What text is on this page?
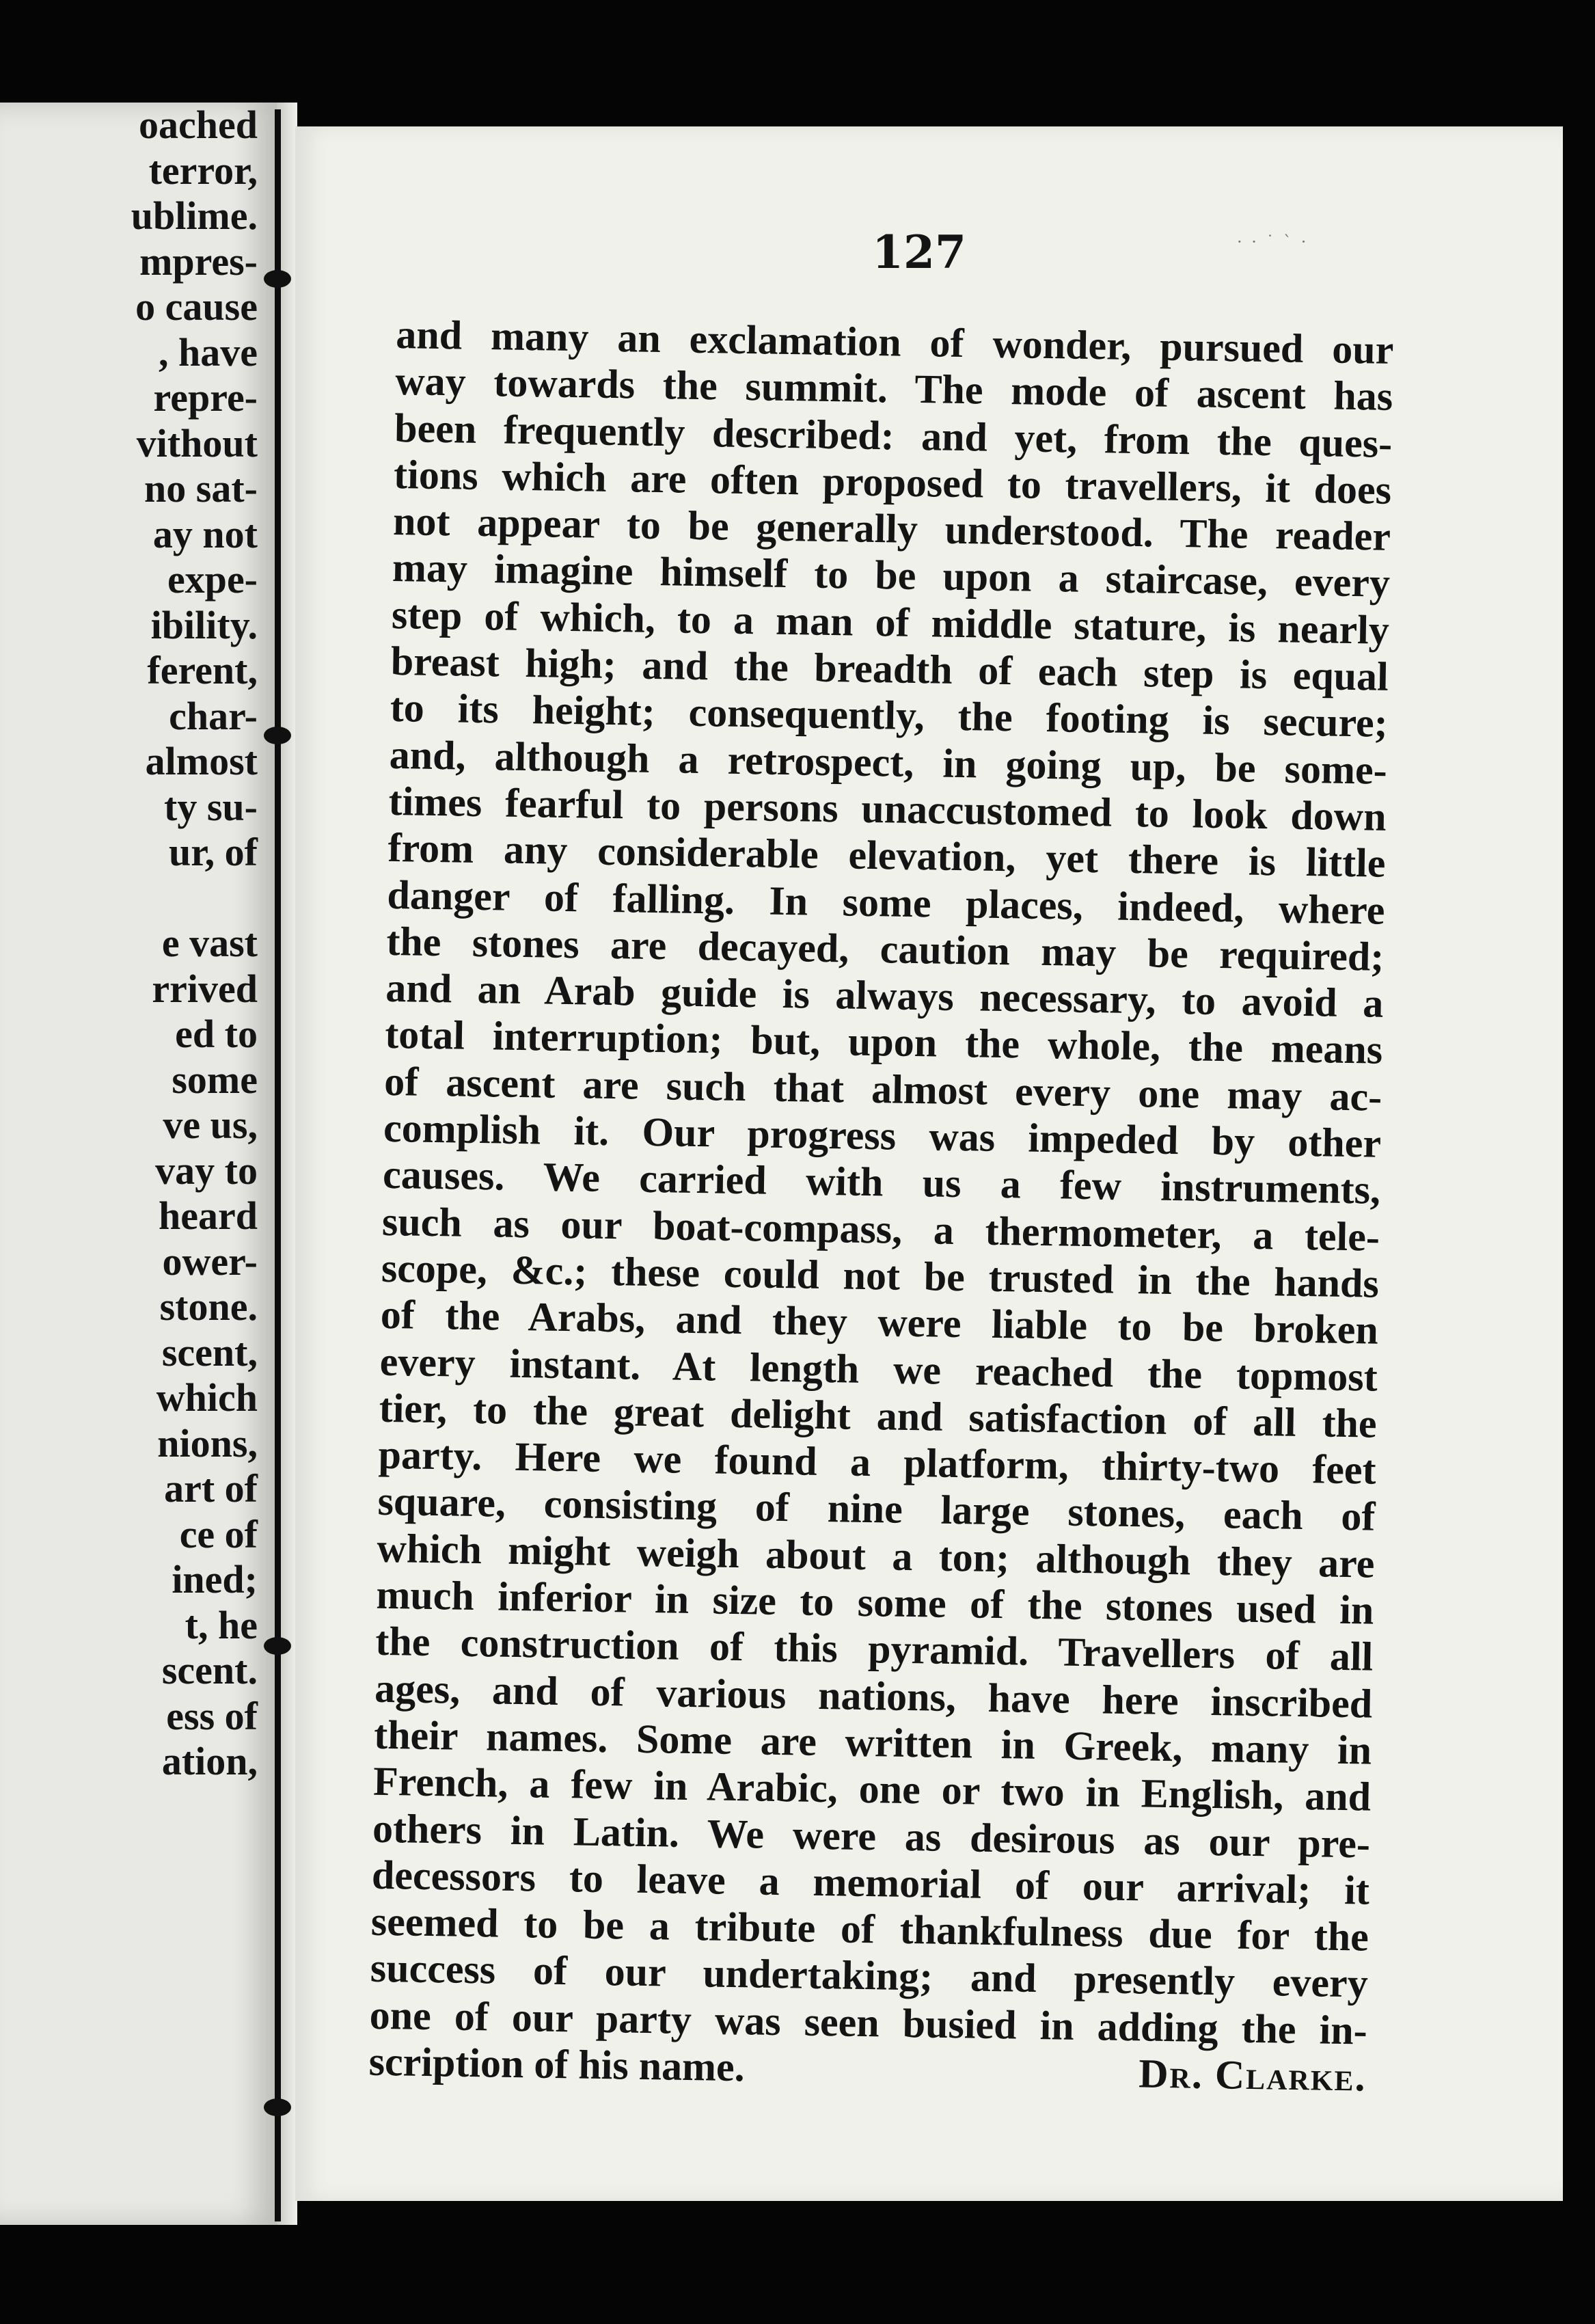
oached
terror,
ublime.
mpres-
o cause
, have
repre-
vithout
no sat-
ay not
expe-
ibility.
ferent,
char-
almost
ty su-
ur, of

e vast
rrived
ed to
some
ve us,
vay to
heard
ower-
stone.
scent,
which
nions,
art of
ce of
ined;
t, he
scent.
ess of
ation,
· · ˙ ` ·
127
and many an exclamation of wonder, pursued our
way towards the summit. The mode of ascent has
been frequently described: and yet, from the ques-
tions which are often proposed to travellers, it does
not appear to be generally understood. The reader
may imagine himself to be upon a staircase, every
step of which, to a man of middle stature, is nearly
breast high; and the breadth of each step is equal
to its height; consequently, the footing is secure;
and, although a retrospect, in going up, be some-
times fearful to persons unaccustomed to look down
from any considerable elevation, yet there is little
danger of falling. In some places, indeed, where
the stones are decayed, caution may be required;
and an Arab guide is always necessary, to avoid a
total interruption; but, upon the whole, the means
of ascent are such that almost every one may ac-
complish it. Our progress was impeded by other
causes. We carried with us a few instruments,
such as our boat-compass, a thermometer, a tele-
scope, &c.; these could not be trusted in the hands
of the Arabs, and they were liable to be broken
every instant. At length we reached the topmost
tier, to the great delight and satisfaction of all the
party. Here we found a platform, thirty-two feet
square, consisting of nine large stones, each of
which might weigh about a ton; although they are
much inferior in size to some of the stones used in
the construction of this pyramid. Travellers of all
ages, and of various nations, have here inscribed
their names. Some are written in Greek, many in
French, a few in Arabic, one or two in English, and
others in Latin. We were as desirous as our pre-
decessors to leave a memorial of our arrival; it
seemed to be a tribute of thankfulness due for the
success of our undertaking; and presently every
one of our party was seen busied in adding the in-
scription of his name.	Dr. Clarke.
